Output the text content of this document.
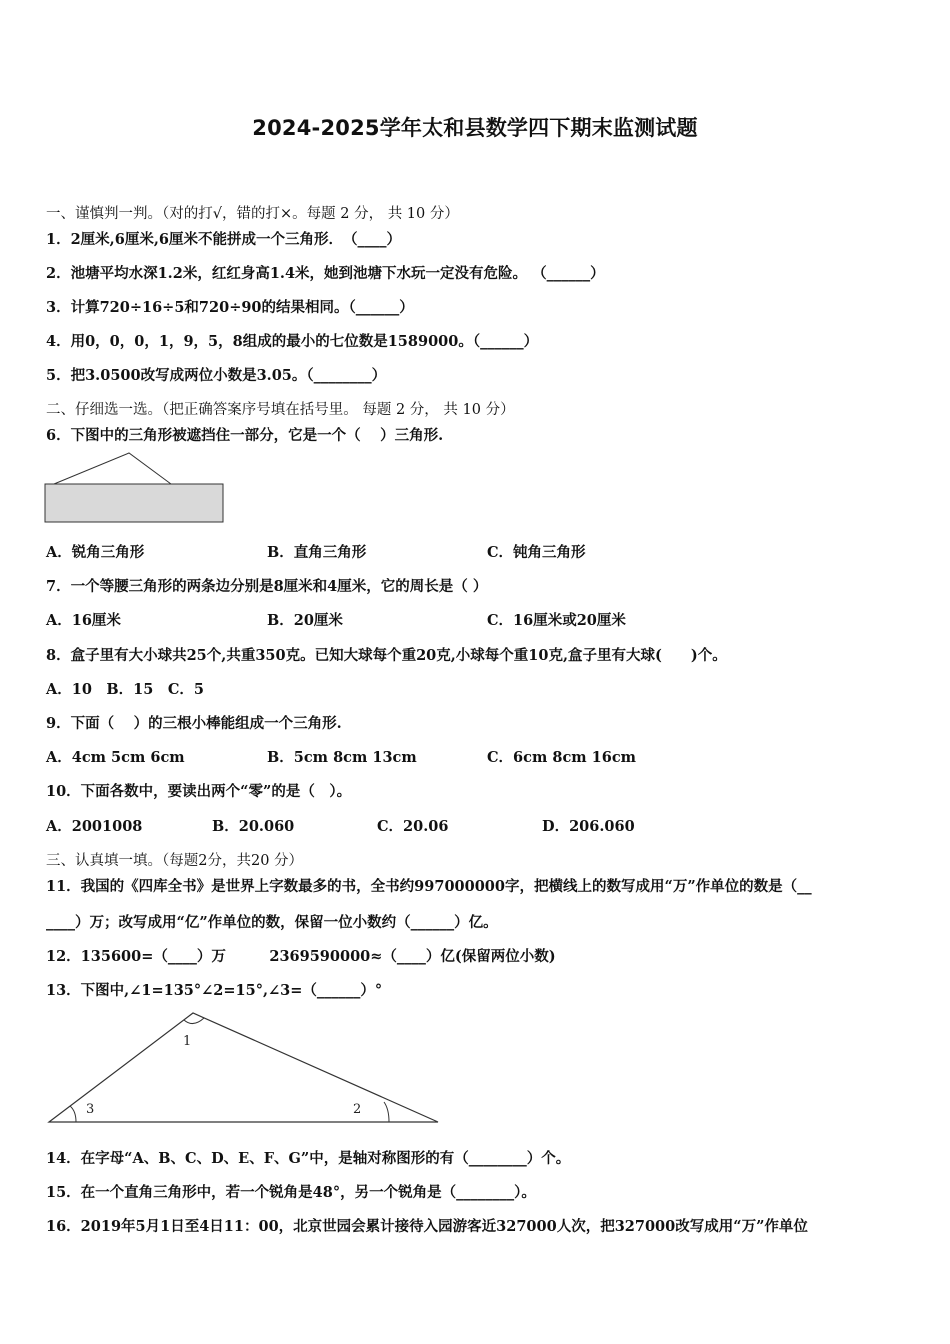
2024-2025学年太和县数学四下期末监测试题
一、谨慎判一判。（对的打√，错的打×。每题 2 分， 共 10 分）
1．2厘米,6厘米,6厘米不能拼成一个三角形．　（____）
2．池塘平均水深1.2米，红红身高1.4米，她到池塘下水玩一定没有危险。 （______）
3．计算720÷16÷5和720÷90的结果相同。（______）
4．用0，0，0，1，9，5，8组成的最小的七位数是1589000。（______）
5．把3.0500改写成两位小数是3.05。（________）
二、仔细选一选。（把正确答案序号填在括号里。 每题 2 分， 共 10 分）
6．下图中的三角形被遮挡住一部分，它是一个（　 ）三角形.
A．锐角三角形	B．直角三角形	C．钝角三角形
7．一个等腰三角形的两条边分别是8厘米和4厘米，它的周长是（ ）
A．16厘米	B．20厘米	C．16厘米或20厘米
8．盒子里有大小球共25个,共重350克。已知大球每个重20克,小球每个重10克,盒子里有大球(　　)个。
A．10　B．15　C．5
9．下面（　 ）的三根小棒能组成一个三角形.
A．4cm 5cm 6cm	B．5cm 8cm 13cm	C．6cm 8cm 16cm
10．下面各数中，要读出两个“零”的是（　）。
A．2001008	B．20.060	C．20.06	D．206.060
三、认真填一填。（每题2分，共20 分）
11．我国的《四库全书》是世界上字数最多的书，全书约997000000字，把横线上的数写成用“万”作单位的数是（__
____）万；改写成用“亿”作单位的数，保留一位小数约（______）亿。
12．135600=（____）万　　　2369590000≈（____）亿(保留两位小数)
13．下图中,∠1=135°∠2=15°,∠3=（______）°
1
2
3
14．在字母“A、B、C、D、E、F、G”中，是轴对称图形的有（________）个。
15．在一个直角三角形中，若一个锐角是48°，另一个锐角是（________）。
16．2019年5月1日至4日11：00，北京世园会累计接待入园游客近327000人次，把327000改写成用“万”作单位
